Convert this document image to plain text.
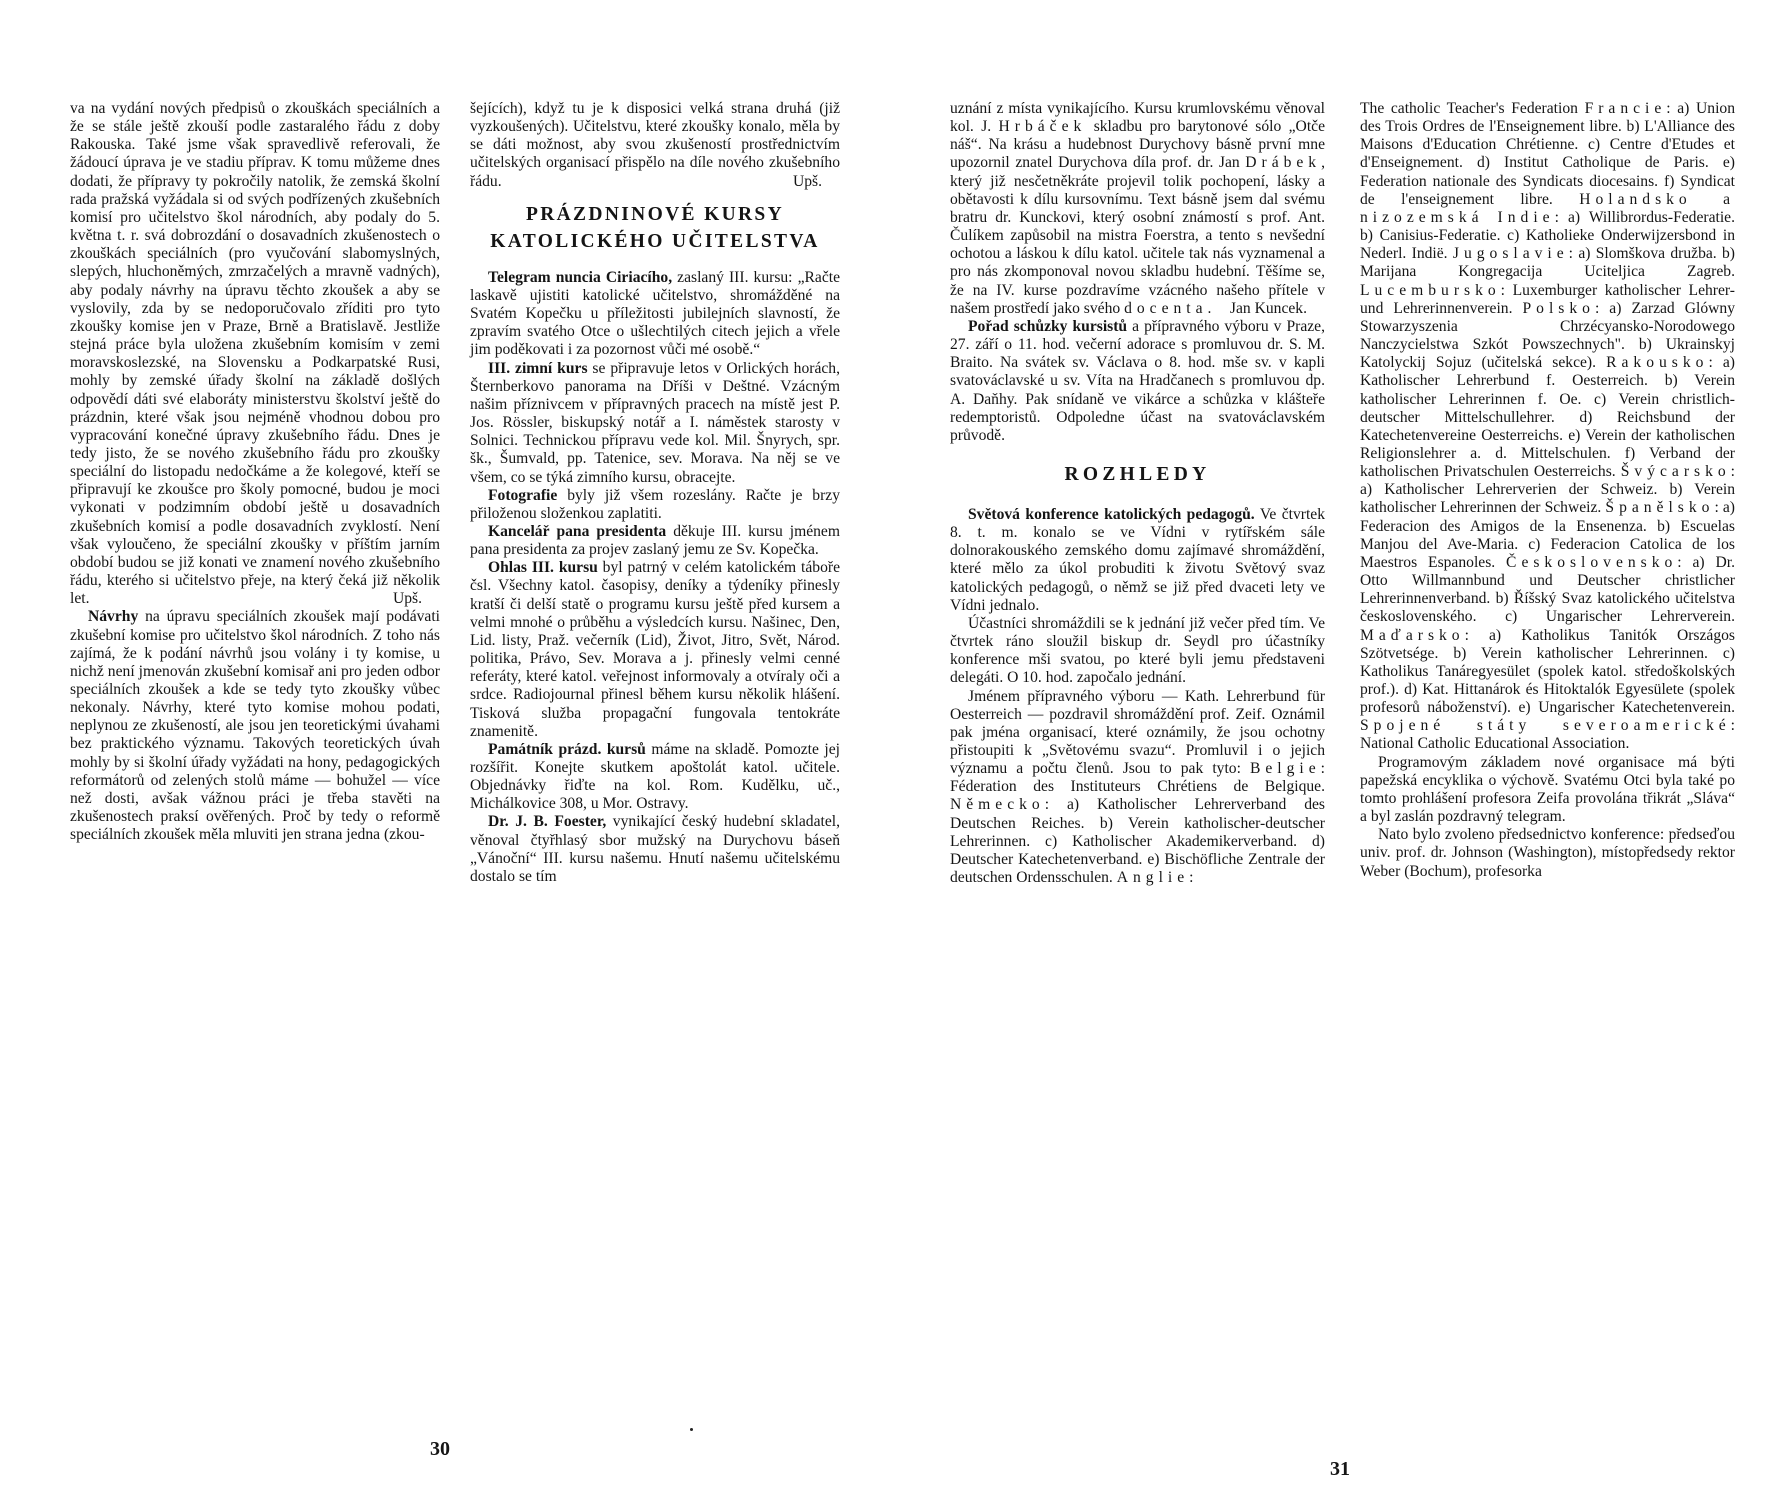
va na vydání nových předpisů o zkouškách speciálních a že se stále ještě zkouší podle zastaralého řádu z doby Rakouska. Také jsme však spravedlivě referovali, že žádoucí úprava je ve stadiu příprav. K tomu můžeme dnes dodati, že přípravy ty pokročily natolik, že zemská školní rada pražská vyžádala si od svých podřízených zkušebních komisí pro učitelstvo škol národních, aby podaly do 5. května t. r. svá dobrozdání o dosavadních zkušenostech o zkouškách speciálních (pro vyučování slabomyslných, slepých, hluchoněmých, zmrzačelých a mravně vadných), aby podaly návrhy na úpravu těchto zkoušek a aby se vyslovily, zda by se nedoporučovalo zříditi pro tyto zkoušky komise jen v Praze, Brně a Bratislavě. Jestliže stejná práce byla uložena zkušebním komisím v zemi moravskoslezské, na Slovensku a Podkarpatské Rusi, mohly by zemské úřady školní na základě došlých odpovědí dáti své elaboráty ministerstvu školství ještě do prázdnin, které však jsou nejméně vhodnou dobou pro vypracování konečné úpravy zkušebního řádu. Dnes je tedy jisto, že se nového zkušebního řádu pro zkoušky speciální do listopadu nedočkáme a že kolegové, kteří se připravují ke zkoušce pro školy pomocné, budou je moci vykonati v podzimním období ještě u dosavadních zkušebních komisí a podle dosavadních zvyklostí. Není však vyloučeno, že speciální zkoušky v příštím jarním období budou se již konati ve znamení nového zkušebního řádu, kterého si učitelstvo přeje, na který čeká již několik let.	Upš.

Návrhy na úpravu speciálních zkoušek mají podávati zkušební komise pro učitelstvo škol národních. Z toho nás zajímá, že k podání návrhů jsou volány i ty komise, u nichž není jmenován zkušební komisař ani pro jeden odbor speciálních zkoušek a kde se tedy tyto zkoušky vůbec nekonaly. Návrhy, které tyto komise mohou podati, neplynou ze zkušeností, ale jsou jen teoretickými úvahami bez praktického významu. Takových teoretických úvah mohly by si školní úřady vyžádati na hony, pedagogických reformátorů od zelených stolů máme — bohužel — více než dosti, avšak vážnou práci je třeba stavěti na zkušenostech praksí ověřených. Proč by tedy o reformě speciálních zkoušek měla mluviti jen strana jedna (zkou-

šejících), když tu je k disposici velká strana druhá (již vyzkoušených). Učitelstvu, které zkoušky konalo, měla by se dáti možnost, aby svou zkušeností prostřednictvím učitelských organisací přispělo na díle nového zkušebního řádu.	Upš.

PRÁZDNINOVÉ KURSY
KATOLICKÉHO UČITELSTVA

Telegram nuncia Ciriacího, zaslaný III. kursu: „Račte laskavě ujistiti katolické učitelstvo, shromážděné na Svatém Kopečku u příležitosti jubilejních slavností, že zpravím svatého Otce o ušlechtilých citech jejich a vřele jim poděkovati i za pozornost vůči mé osobě.“

III. zimní kurs se připravuje letos v Orlických horách, Šternberkovo panorama na Dříši v Deštné. Vzácným našim příznivcem v přípravných pracech na místě jest P. Jos. Rössler, biskupský notář a I. náměstek starosty v Solnici. Technickou přípravu vede kol. Mil. Šnyrych, spr. šk., Šumvald, pp. Tatenice, sev. Morava. Na něj se ve všem, co se týká zimního kursu, obracejte.

Fotografie byly již všem rozeslány. Račte je brzy přiloženou složenkou zaplatiti.

Kancelář pana presidenta děkuje III. kursu jménem pana presidenta za projev zaslaný jemu ze Sv. Kopečka.

Ohlas III. kursu byl patrný v celém katolickém táboře čsl. Všechny katol. časopisy, deníky a týdeníky přinesly kratší či delší statě o programu kursu ještě před kursem a velmi mnohé o průběhu a výsledcích kursu. Našinec, Den, Lid. listy, Praž. večerník (Lid), Život, Jitro, Svět, Národ. politika, Právo, Sev. Morava a j. přinesly velmi cenné referáty, které katol. veřejnost informovaly a otvíraly oči a srdce. Radiojournal přinesl během kursu několik hlášení. Tisková služba propagační fungovala tentokráte znamenitě.

Památník prázd. kursů máme na skladě. Pomozte jej rozšířit. Konejte skutkem apoštolát katol. učitele. Objednávky řiďte na kol. Rom. Kudělku, uč., Michálkovice 308, u Mor. Ostravy.

Dr. J. B. Foester, vynikající český hudební skladatel, věnoval čtyřhlasý sbor mužský na Durychovu báseň „Vánoční“ III. kursu našemu. Hnutí našemu učitelskému dostalo se tím

30

uznání z místa vynikajícího. Kursu krumlovskému věnoval kol. J. Hrbáček skladbu pro barytonové sólo „Otče náš“. Na krásu a hudebnost Durychovy básně první mne upozornil znatel Durychova díla prof. dr. Jan Drábek, který již nesčetněkráte projevil tolik pochopení, lásky a obětavosti k dílu kursovnímu. Text básně jsem dal svému bratru dr. Kunckovi, který osobní známostí s prof. Ant. Čulíkem zapůsobil na mistra Foerstra, a tento s nevšední ochotou a láskou k dílu katol. učitele tak nás vyznamenal a pro nás zkomponoval novou skladbu hudební. Těšíme se, že na IV. kurse pozdravíme vzácného našeho přítele v našem prostředí jako svého docenta. Jan Kuncek.

Pořad schůzky kursistů a přípravného výboru v Praze, 27. září o 11. hod. večerní adorace s promluvou dr. S. M. Braito. Na svátek sv. Václava o 8. hod. mše sv. v kapli svatováclavské u sv. Víta na Hradčanech s promluvou dp. A. Daňhy. Pak snídaně ve vikárce a schůzka v klášteře redemptoristů. Odpoledne účast na svatováclavském průvodě.

ROZHLEDY

Světová konference katolických pedagogů. Ve čtvrtek 8. t. m. konalo se ve Vídni v rytířském sále dolnorakouského zemského domu zajímavé shromáždění, které mělo za úkol probuditi k životu Světový svaz katolických pedagogů, o němž se již před dvaceti lety ve Vídni jednalo.

Účastníci shromáždili se k jednání již večer před tím. Ve čtvrtek ráno sloužil biskup dr. Seydl pro účastníky konference mši svatou, po které byli jemu představeni delegáti. O 10. hod. započalo jednání.

Jménem přípravného výboru — Kath. Lehrerbund für Oesterreich — pozdravil shromáždění prof. Zeif. Oznámil pak jména organisací, které oznámily, že jsou ochotny přistoupiti k „Světovému svazu“. Promluvil i o jejich významu a počtu členů. Jsou to pak tyto: Belgie: Féderation des Instituteurs Chrétiens de Belgique. Německo: a) Katholischer Lehrerverband des Deutschen Reiches. b) Verein katholischer-deutscher Lehrerinnen. c) Katholischer Akademikerverband. d) Deutscher Katechetenverband. e) Bischöfliche Zentrale der deutschen Ordensschulen. Anglie:

The catholic Teacher's Federation Francie: a) Union des Trois Ordres de l'Enseignement libre. b) L'Alliance des Maisons d'Education Chrétienne. c) Centre d'Etudes et d'Enseignement. d) Institut Catholique de Paris. e) Federation nationale des Syndicats diocesains. f) Syndicat de l'enseignement libre. Holandsko a nizozemská Indie: a) Willibrordus-Federatie. b) Canisius-Federatie. c) Katholieke Onderwijzersbond in Nederl. Indië. Jugoslavie: a) Slomškova družba. b) Marijana Kongregacija Uciteljica Zagreb. Lucembursko: Luxemburger katholischer Lehrer- und Lehrerinnenverein. Polsko: a) Zarzad Glówny Stowarzyszenia Chrzécyansko-Norodowego Nanczycielstwa Szkót Powszechnych". b) Ukrainskyj Katolyckij Sojuz (učitelská sekce). Rakousko: a) Katholischer Lehrerbund f. Oesterreich. b) Verein katholischer Lehrerinnen f. Oe. c) Verein christlich-deutscher Mittelschullehrer. d) Reichsbund der Katechetenvereine Oesterreichs. e) Verein der katholischen Religionslehrer a. d. Mittelschulen. f) Verband der katholischen Privatschulen Oesterreichs. Švýcarsko: a) Katholischer Lehrerverien der Schweiz. b) Verein katholischer Lehrerinnen der Schweiz. Španělsko: a) Federacion des Amigos de la Ensenenza. b) Escuelas Manjou del Ave-Maria. c) Federacion Catolica de los Maestros Espanoles. Československo: a) Dr. Otto Willmannbund und Deutscher christlicher Lehrerinnenverband. b) Říšský Svaz katolického učitelstva československého. c) Ungarischer Lehrerverein. Maďarsko: a) Katholikus Tanitók Országos Szötvetsége. b) Verein katholischer Lehrerinnen. c) Katholikus Tanáregyesület (spolek katol. středoškolských prof.). d) Kat. Hittanárok és Hitoktalók Egyesülete (spolek profesorů náboženství). e) Ungarischer Katechetenverein. Spojené státy severoamerické: National Catholic Educational Association.

Programovým základem nové organisace má býti papežská encyklika o výchově. Svatému Otci byla také po tomto prohlášení profesora Zeifa provolána třikrát „Sláva“ a byl zaslán pozdravný telegram.

Nato bylo zvoleno předsednictvo konference: předseďou univ. prof. dr. Johnson (Washington), místopředsedy rektor Weber (Bochum), profesorka

31
